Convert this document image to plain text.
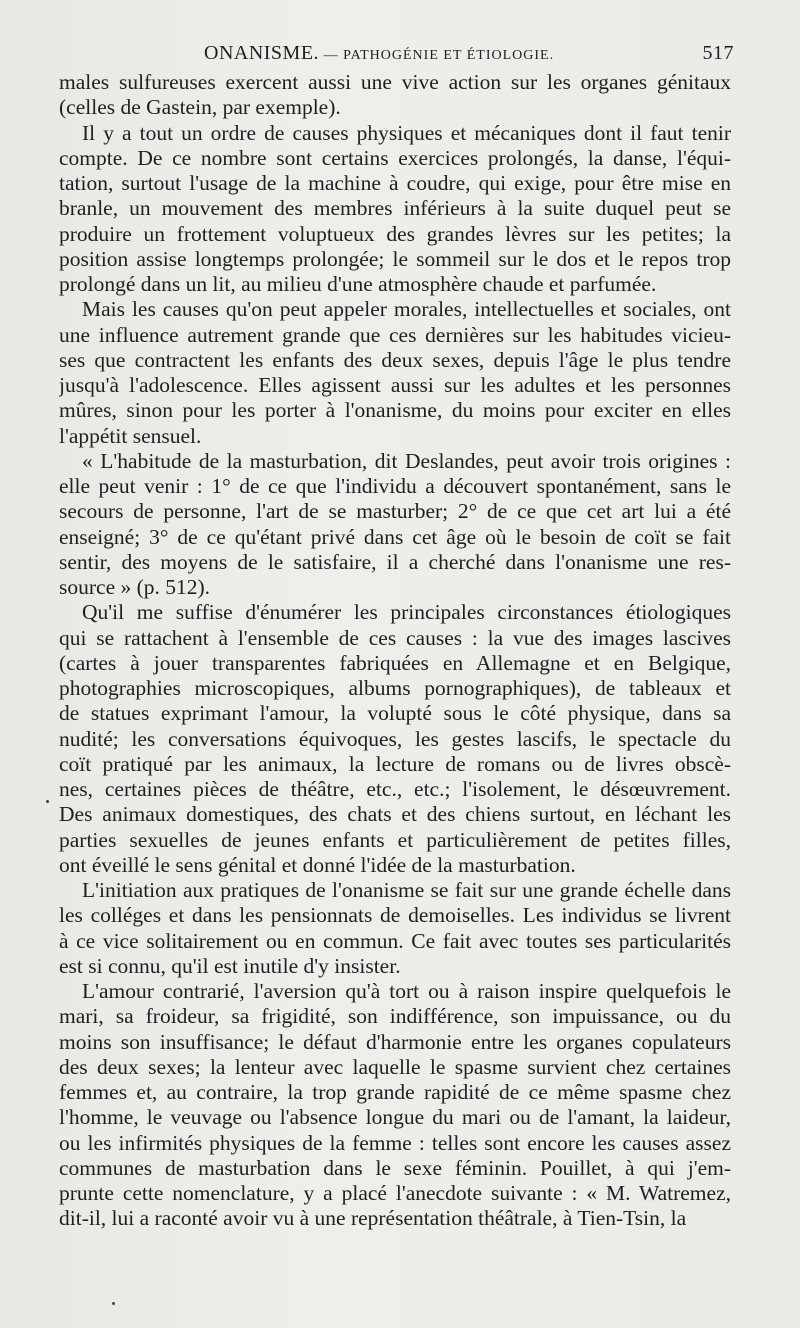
ONANISME. — PATHOGÉNIE ET ÉTIOLOGIE.	517
males sulfureuses exercent aussi une vive action sur les organes génitaux
(celles de Gastein, par exemple).
Il y a tout un ordre de causes physiques et mécaniques dont il faut tenir
compte. De ce nombre sont certains exercices prolongés, la danse, l'équi-
tation, surtout l'usage de la machine à coudre, qui exige, pour être mise en
branle, un mouvement des membres inférieurs à la suite duquel peut se
produire un frottement voluptueux des grandes lèvres sur les petites; la
position assise longtemps prolongée; le sommeil sur le dos et le repos trop
prolongé dans un lit, au milieu d'une atmosphère chaude et parfumée.
Mais les causes qu'on peut appeler morales, intellectuelles et sociales, ont
une influence autrement grande que ces dernières sur les habitudes vicieu-
ses que contractent les enfants des deux sexes, depuis l'âge le plus tendre
jusqu'à l'adolescence. Elles agissent aussi sur les adultes et les personnes
mûres, sinon pour les porter à l'onanisme, du moins pour exciter en elles
l'appétit sensuel.
« L'habitude de la masturbation, dit Deslandes, peut avoir trois origines :
elle peut venir : 1° de ce que l'individu a découvert spontanément, sans le
secours de personne, l'art de se masturber; 2° de ce que cet art lui a été
enseigné; 3° de ce qu'étant privé dans cet âge où le besoin de coït se fait
sentir, des moyens de le satisfaire, il a cherché dans l'onanisme une res-
source » (p. 512).
Qu'il me suffise d'énumérer les principales circonstances étiologiques
qui se rattachent à l'ensemble de ces causes : la vue des images lascives
(cartes à jouer transparentes fabriquées en Allemagne et en Belgique,
photographies microscopiques, albums pornographiques), de tableaux et
de statues exprimant l'amour, la volupté sous le côté physique, dans sa
nudité; les conversations équivoques, les gestes lascifs, le spectacle du
coït pratiqué par les animaux, la lecture de romans ou de livres obscè-
nes, certaines pièces de théâtre, etc., etc.; l'isolement, le désœuvrement.
Des animaux domestiques, des chats et des chiens surtout, en léchant les
parties sexuelles de jeunes enfants et particulièrement de petites filles,
ont éveillé le sens génital et donné l'idée de la masturbation.
L'initiation aux pratiques de l'onanisme se fait sur une grande échelle dans
les colléges et dans les pensionnats de demoiselles. Les individus se livrent
à ce vice solitairement ou en commun. Ce fait avec toutes ses particularités
est si connu, qu'il est inutile d'y insister.
L'amour contrarié, l'aversion qu'à tort ou à raison inspire quelquefois le
mari, sa froideur, sa frigidité, son indifférence, son impuissance, ou du
moins son insuffisance; le défaut d'harmonie entre les organes copulateurs
des deux sexes; la lenteur avec laquelle le spasme survient chez certaines
femmes et, au contraire, la trop grande rapidité de ce même spasme chez
l'homme, le veuvage ou l'absence longue du mari ou de l'amant, la laideur,
ou les infirmités physiques de la femme : telles sont encore les causes assez
communes de masturbation dans le sexe féminin. Pouillet, à qui j'em-
prunte cette nomenclature, y a placé l'anecdote suivante : « M. Watremez,
dit-il, lui a raconté avoir vu à une représentation théâtrale, à Tien-Tsin, la
